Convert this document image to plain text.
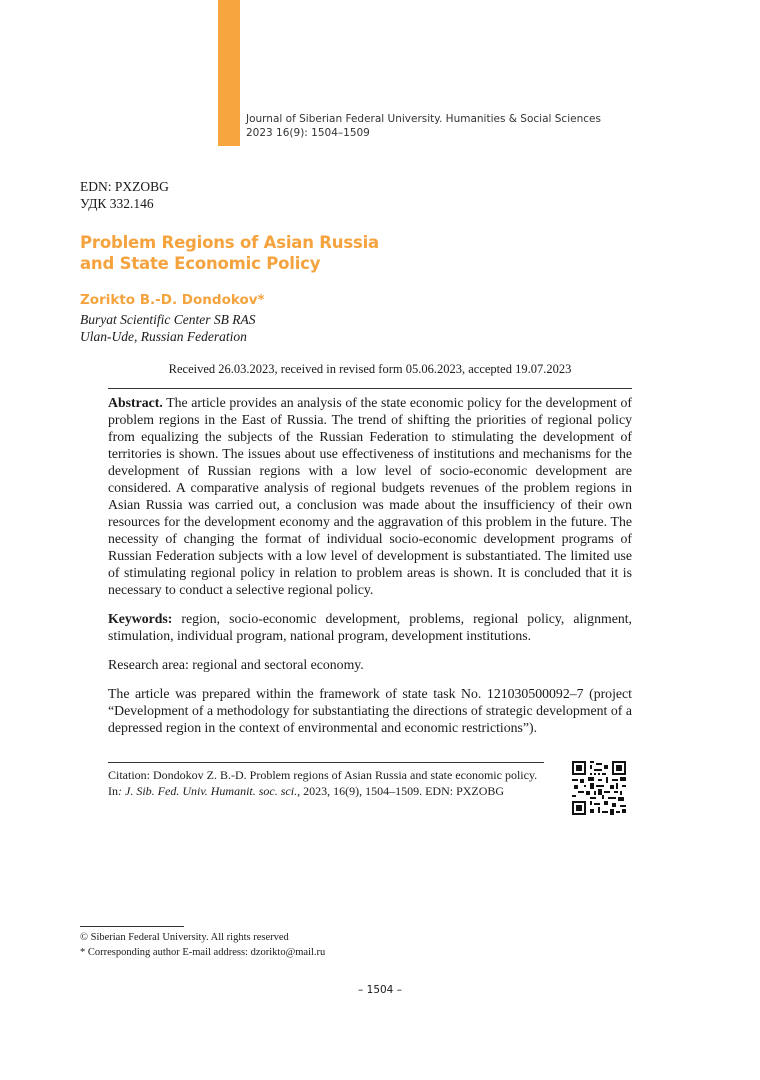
Journal of Siberian Federal University. Humanities & Social Sciences
2023 16(9): 1504–1509
EDN: PXZOBG
УДК 332.146
Problem Regions of Asian Russia
and State Economic Policy
Zorikto B.-D. Dondokov*
Buryat Scientific Center SB RAS
Ulan-Ude, Russian Federation
Received 26.03.2023, received in revised form 05.06.2023, accepted 19.07.2023

Abstract. The article provides an analysis of the state economic policy for the development of problem regions in the East of Russia. The trend of shifting the priorities of regional policy from equalizing the subjects of the Russian Federation to stimulating the development of territories is shown. The issues about use effectiveness of institutions and mechanisms for the development of Russian regions with a low level of socio-economic development are considered. A comparative analysis of regional budgets revenues of the problem regions in Asian Russia was carried out, a conclusion was made about the insufficiency of their own resources for the development economy and the aggravation of this problem in the future. The necessity of changing the format of individual socio-economic development programs of Russian Federation subjects with a low level of development is substantiated. The limited use of stimulating regional policy in relation to problem areas is shown. It is concluded that it is necessary to conduct a selective regional policy.

Keywords: region, socio-economic development, problems, regional policy, alignment, stimulation, individual program, national program, development institutions.

Research area: regional and sectoral economy.

The article was prepared within the framework of state task No. 121030500092–7 (project “Development of a methodology for substantiating the directions of strategic development of a depressed region in the context of environmental and economic restrictions”).

Citation: Dondokov Z. B.-D. Problem regions of Asian Russia and state economic policy.
In: J. Sib. Fed. Univ. Humanit. soc. sci., 2023, 16(9), 1504–1509. EDN: PXZOBG
© Siberian Federal University. All rights reserved
* Corresponding author E-mail address: dzorikto@mail.ru
– 1504 –
